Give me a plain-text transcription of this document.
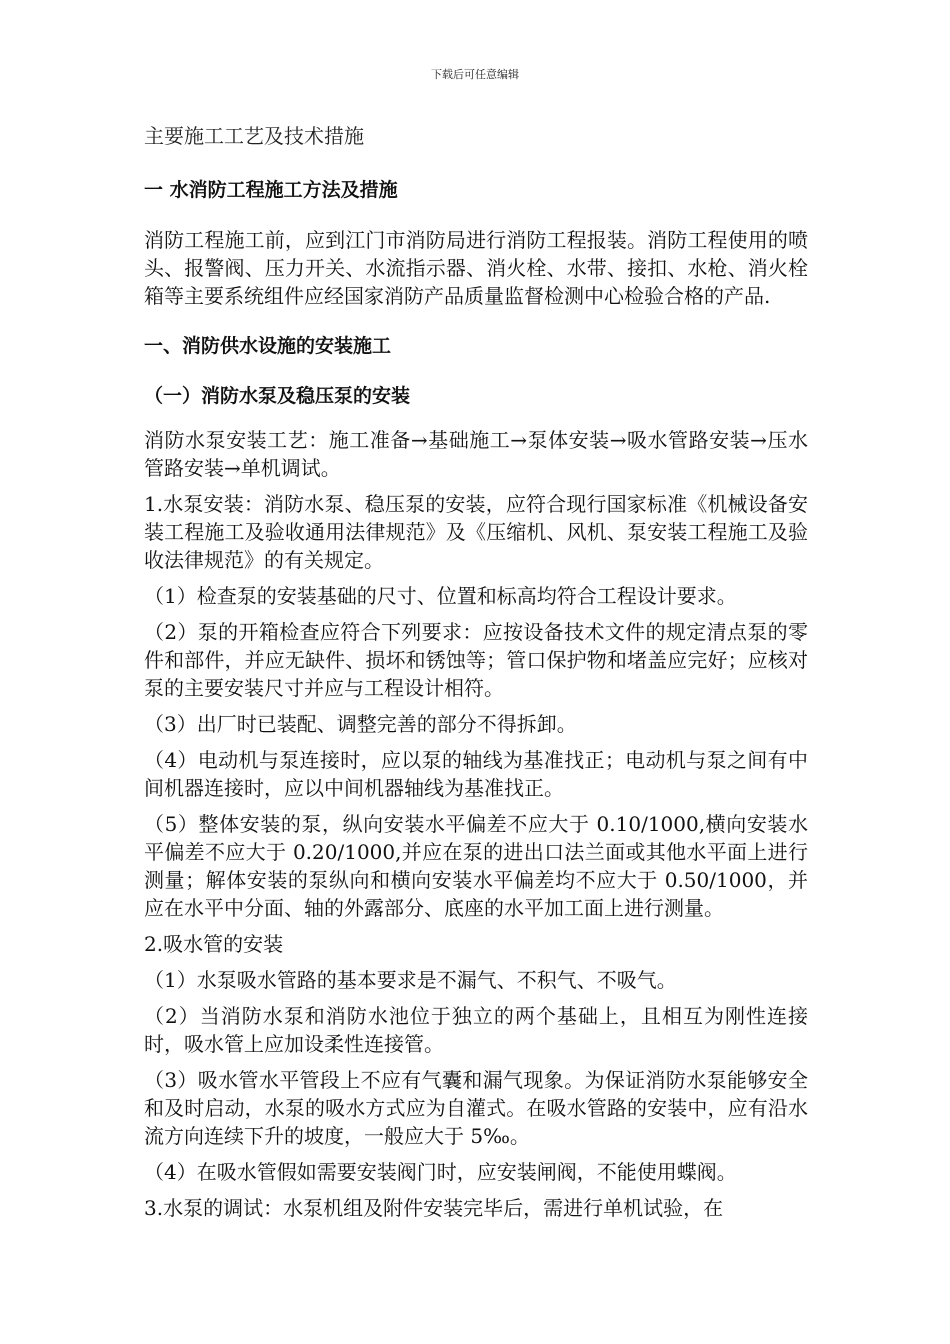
下载后可任意编辑

主要施工工艺及技术措施

一 水消防工程施工方法及措施

消防工程施工前，应到江门市消防局进行消防工程报装。消防工程使用的喷头、报警阀、压力开关、水流指示器、消火栓、水带、接扣、水枪、消火栓箱等主要系统组件应经国家消防产品质量监督检测中心检验合格的产品.

一、消防供水设施的安装施工

（一）消防水泵及稳压泵的安装

消防水泵安装工艺：施工准备→基础施工→泵体安装→吸水管路安装→压水管路安装→单机调试。

1.水泵安装：消防水泵、稳压泵的安装，应符合现行国家标准《机械设备安装工程施工及验收通用法律规范》及《压缩机、风机、泵安装工程施工及验收法律规范》的有关规定。

（1）检查泵的安装基础的尺寸、位置和标高均符合工程设计要求。

（2）泵的开箱检查应符合下列要求：应按设备技术文件的规定清点泵的零件和部件，并应无缺件、损坏和锈蚀等；管口保护物和堵盖应完好；应核对泵的主要安装尺寸并应与工程设计相符。

（3）出厂时已装配、调整完善的部分不得拆卸。

（4）电动机与泵连接时，应以泵的轴线为基准找正；电动机与泵之间有中间机器连接时，应以中间机器轴线为基准找正。

（5）整体安装的泵，纵向安装水平偏差不应大于 0.10/1000,横向安装水平偏差不应大于 0.20/1000,并应在泵的进出口法兰面或其他水平面上进行测量；解体安装的泵纵向和横向安装水平偏差均不应大于 0.50/1000，并应在水平中分面、轴的外露部分、底座的水平加工面上进行测量。

2.吸水管的安装

（1）水泵吸水管路的基本要求是不漏气、不积气、不吸气。

（2）当消防水泵和消防水池位于独立的两个基础上，且相互为刚性连接时，吸水管上应加设柔性连接管。

（3）吸水管水平管段上不应有气囊和漏气现象。为保证消防水泵能够安全和及时启动，水泵的吸水方式应为自灌式。在吸水管路的安装中，应有沿水流方向连续下升的坡度，一般应大于 5‰。

（4）在吸水管假如需要安装阀门时，应安装闸阀，不能使用蝶阀。

3.水泵的调试：水泵机组及附件安装完毕后，需进行单机试验，在
